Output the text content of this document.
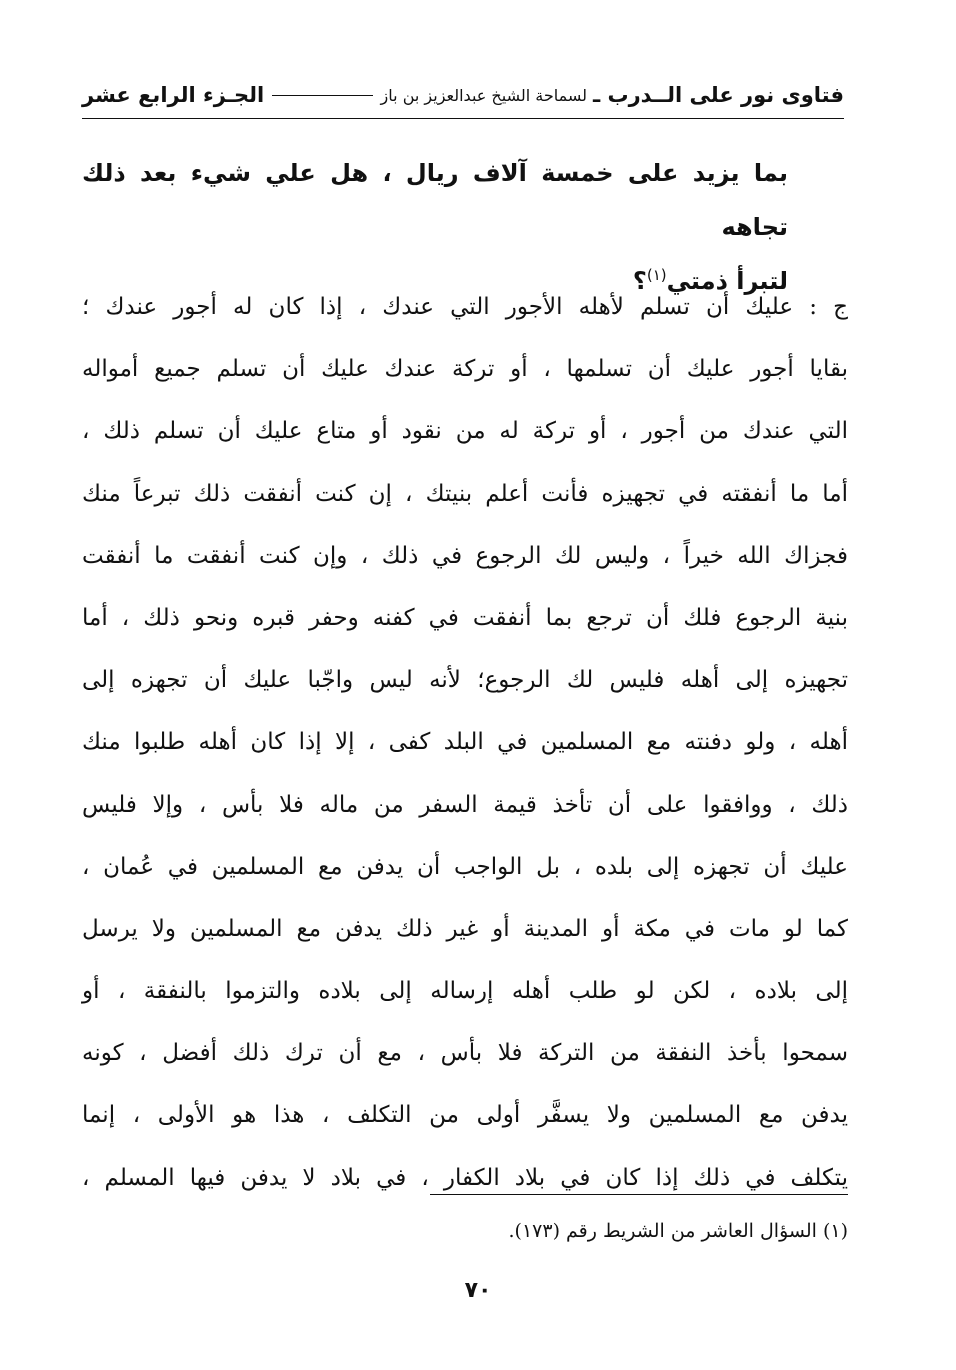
فتاوى نور على الــدرب ـ
لسماحة الشيخ عبدالعزيز بن باز
الجـزء الرابع عشر
بما يزيد على خمسة آلاف ريال ، هل علي شيء بعد ذلك تجاهه
لتبرأ ذمتي$^{(١)}$؟
ج : عليك أن تسلم لأهله الأجور التي عندك ، إذا كان له أجور عندك ؛
بقايا أجور عليك أن تسلمها ، أو تركة عندك عليك أن تسلم جميع أمواله
التي عندك من أجور ، أو تركة له من نقود أو متاع عليك أن تسلم ذلك ،
أما ما أنفقته في تجهيزه فأنت أعلم بنيتك ، إن كنت أنفقت ذلك تبرعاً منك
فجزاك الله خيراً ، وليس لك الرجوع في ذلك ، وإن كنت أنفقت ما أنفقت
بنية الرجوع فلك أن ترجع بما أنفقت في كفنه وحفر قبره ونحو ذلك ، أما
تجهيزه إلى أهله فليس لك الرجوع؛ لأنه ليس واجّبا عليك أن تجهزه إلى
أهله ، ولو دفنته مع المسلمين في البلد كفى ، إلا إذا كان أهله طلبوا منك
ذلك ، ووافقوا على أن تأخذ قيمة السفر من ماله فلا بأس ، وإلا فليس
عليك أن تجهزه إلى بلده ، بل الواجب أن يدفن مع المسلمين في عُمان ،
كما لو مات في مكة أو المدينة أو غير ذلك يدفن مع المسلمين ولا يرسل
إلى بلاده ، لكن لو طلب أهله إرساله إلى بلاده والتزموا بالنفقة ، أو
سمحوا بأخذ النفقة من التركة فلا بأس ، مع أن ترك ذلك أفضل ، كونه
يدفن مع المسلمين ولا يسفَّر أولى من التكلف ، هذا هو الأولى ، إنما
يتكلف في ذلك إذا كان في بلاد الكفار ، في بلاد لا يدفن فيها المسلم ،
(١) السؤال العاشر من الشريط رقم (١٧٣).
٧٠
